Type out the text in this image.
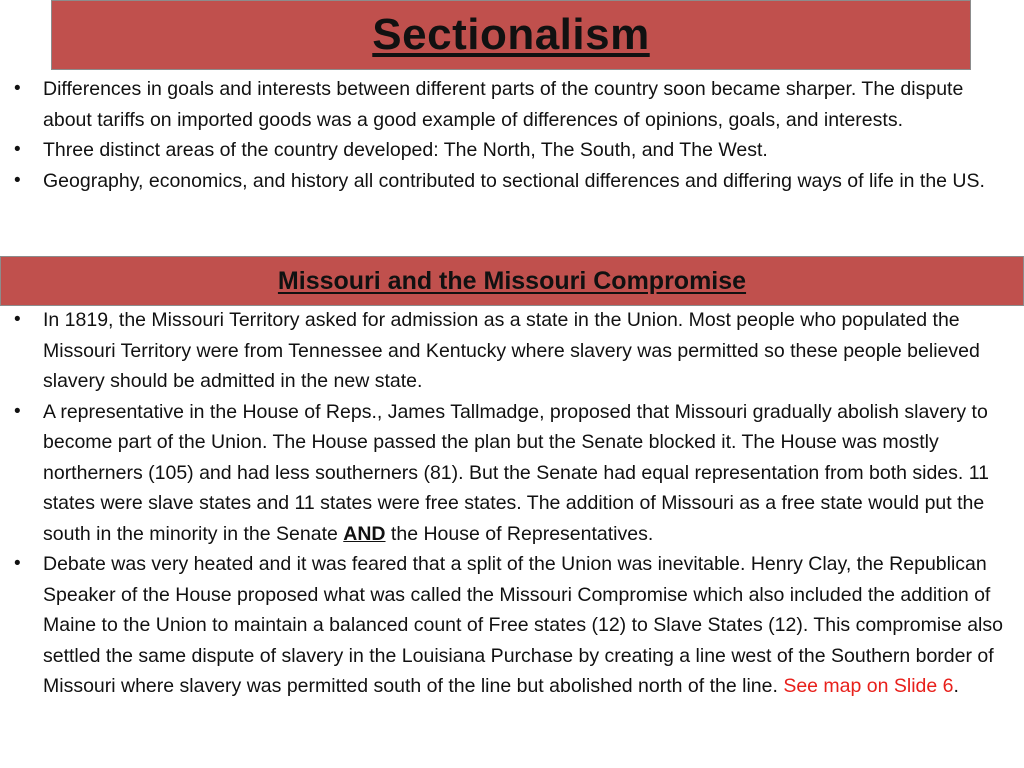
Sectionalism
• Differences in goals and interests between different parts of the country soon became sharper. The dispute about tariffs on imported goods was a good example of differences of opinions, goals, and interests.
• Three distinct areas of the country developed: The North, The South, and The West.
• Geography, economics, and history all contributed to sectional differences and differing ways of life in the US.
Missouri and the Missouri Compromise
• In 1819, the Missouri Territory asked for admission as a state in the Union. Most people who populated the Missouri Territory were from Tennessee and Kentucky where slavery was permitted so these people believed slavery should be admitted in the new state.
• A representative in the House of Reps., James Tallmadge, proposed that Missouri gradually abolish slavery to become part of the Union. The House passed the plan but the Senate blocked it. The House was mostly northerners (105) and had less southerners (81). But the Senate had equal representation from both sides. 11 states were slave states and 11 states were free states. The addition of Missouri as a free state would put the south in the minority in the Senate AND the House of Representatives.
• Debate was very heated and it was feared that a split of the Union was inevitable. Henry Clay, the Republican Speaker of the House proposed what was called the Missouri Compromise which also included the addition of Maine to the Union to maintain a balanced count of Free states (12) to Slave States (12). This compromise also settled the same dispute of slavery in the Louisiana Purchase by creating a line west of the Southern border of Missouri where slavery was permitted south of the line but abolished north of the line. See map on Slide 6.
